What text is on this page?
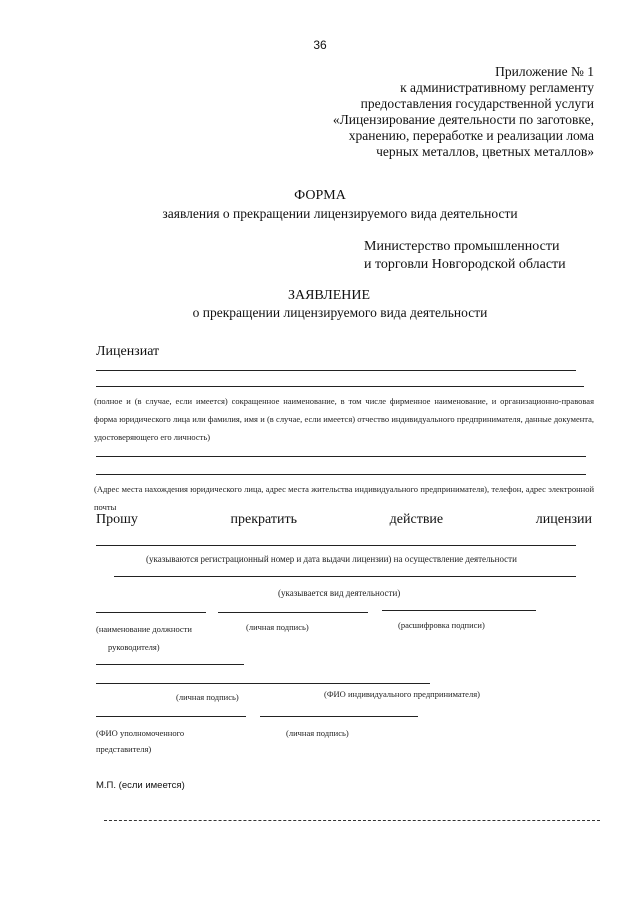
36
Приложение № 1
к административному регламенту
предоставления государственной услуги
«Лицензирование деятельности по заготовке,
хранению, переработке и реализации лома
черных металлов, цветных металлов»
ФОРМА
заявления о прекращении лицензируемого вида деятельности
Министерство промышленности
и торговли Новгородской области
ЗАЯВЛЕНИЕ
о прекращении лицензируемого вида деятельности
Лицензиат
(полное и (в случае, если имеется) сокращенное наименование, в том числе фирменное наименование, и организационно-правовая форма юридического лица или фамилия, имя и (в случае, если имеется) отчество индивидуального предпринимателя, данные документа, удостоверяющего его личность)
(Адрес места нахождения юридического лица, адрес места жительства индивидуального предпринимателя), телефон, адрес электронной почты
Прошу	прекратить	действие	лицензии
(указываются регистрационный номер и дата выдачи лицензии) на осуществление деятельности
(указывается вид деятельности)
(наименование должности
руководителя)
(личная подпись)	(расшифровка подписи)
(личная подпись)	(ФИО индивидуального предпринимателя)
(ФИО уполномоченного
представителя)
(личная подпись)
М.П. (если имеется)
